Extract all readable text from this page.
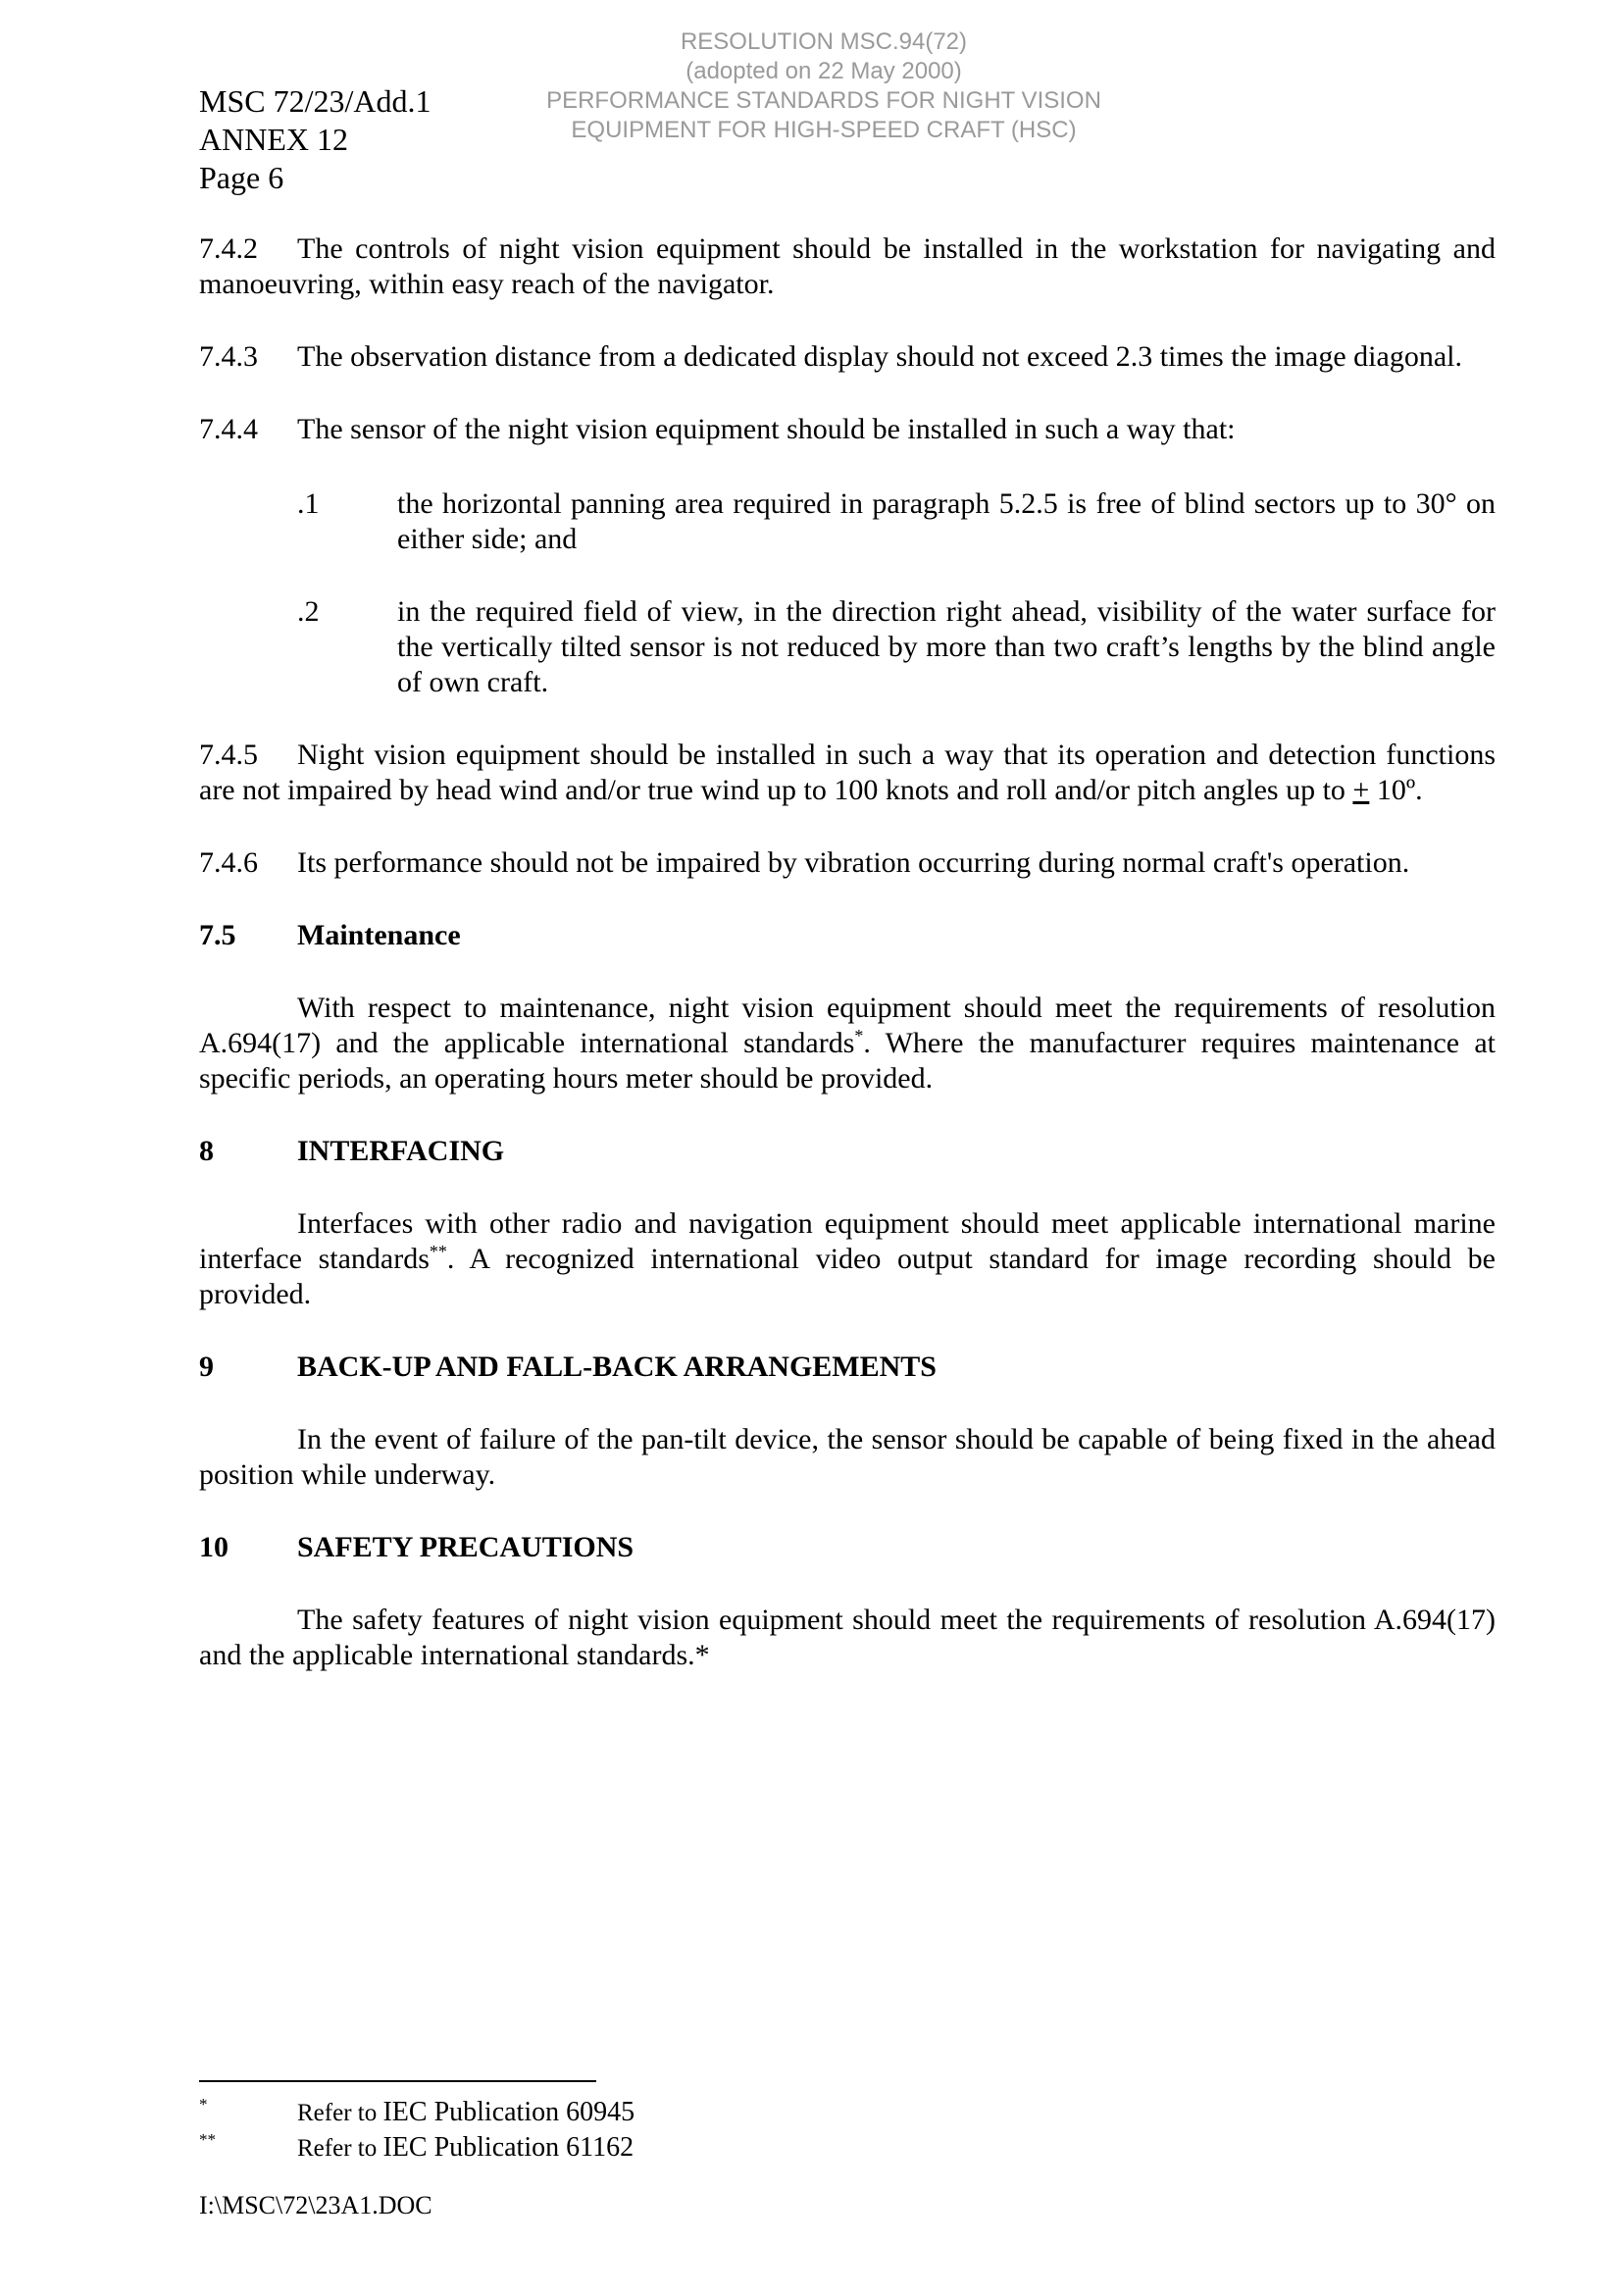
RESOLUTION MSC.94(72)
(adopted on 22 May 2000)
PERFORMANCE STANDARDS FOR NIGHT VISION
EQUIPMENT FOR HIGH-SPEED CRAFT (HSC)
MSC 72/23/Add.1
ANNEX 12
Page 6

7.4.2 The controls of night vision equipment should be installed in the workstation for navigating and manoeuvring, within easy reach of the navigator.

7.4.3 The observation distance from a dedicated display should not exceed 2.3 times the image diagonal.

7.4.4 The sensor of the night vision equipment should be installed in such a way that:

.1	the horizontal panning area required in paragraph 5.2.5 is free of blind sectors up to 30° on either side; and
.2	in the required field of view, in the direction right ahead, visibility of the water surface for the vertically tilted sensor is not reduced by more than two craft’s lengths by the blind angle of own craft.

7.4.5 Night vision equipment should be installed in such a way that its operation and detection functions are not impaired by head wind and/or true wind up to 100 knots and roll and/or pitch angles up to + 10º.

7.4.6 Its performance should not be impaired by vibration occurring during normal craft's operation.

7.5 Maintenance

With respect to maintenance, night vision equipment should meet the requirements of resolution A.694(17) and the applicable international standards*. Where the manufacturer requires maintenance at specific periods, an operating hours meter should be provided.

8	INTERFACING

Interfaces with other radio and navigation equipment should meet applicable international marine interface standards**. A recognized international video output standard for image recording should be provided.

9	BACK-UP AND FALL-BACK ARRANGEMENTS

In the event of failure of the pan-tilt device, the sensor should be capable of being fixed in the ahead position while underway.

10 SAFETY PRECAUTIONS

The safety features of night vision equipment should meet the requirements of resolution A.694(17) and the applicable international standards.*

*	Refer to IEC Publication 60945
**	Refer to IEC Publication 61162
I:\MSC\72\23A1.DOC
